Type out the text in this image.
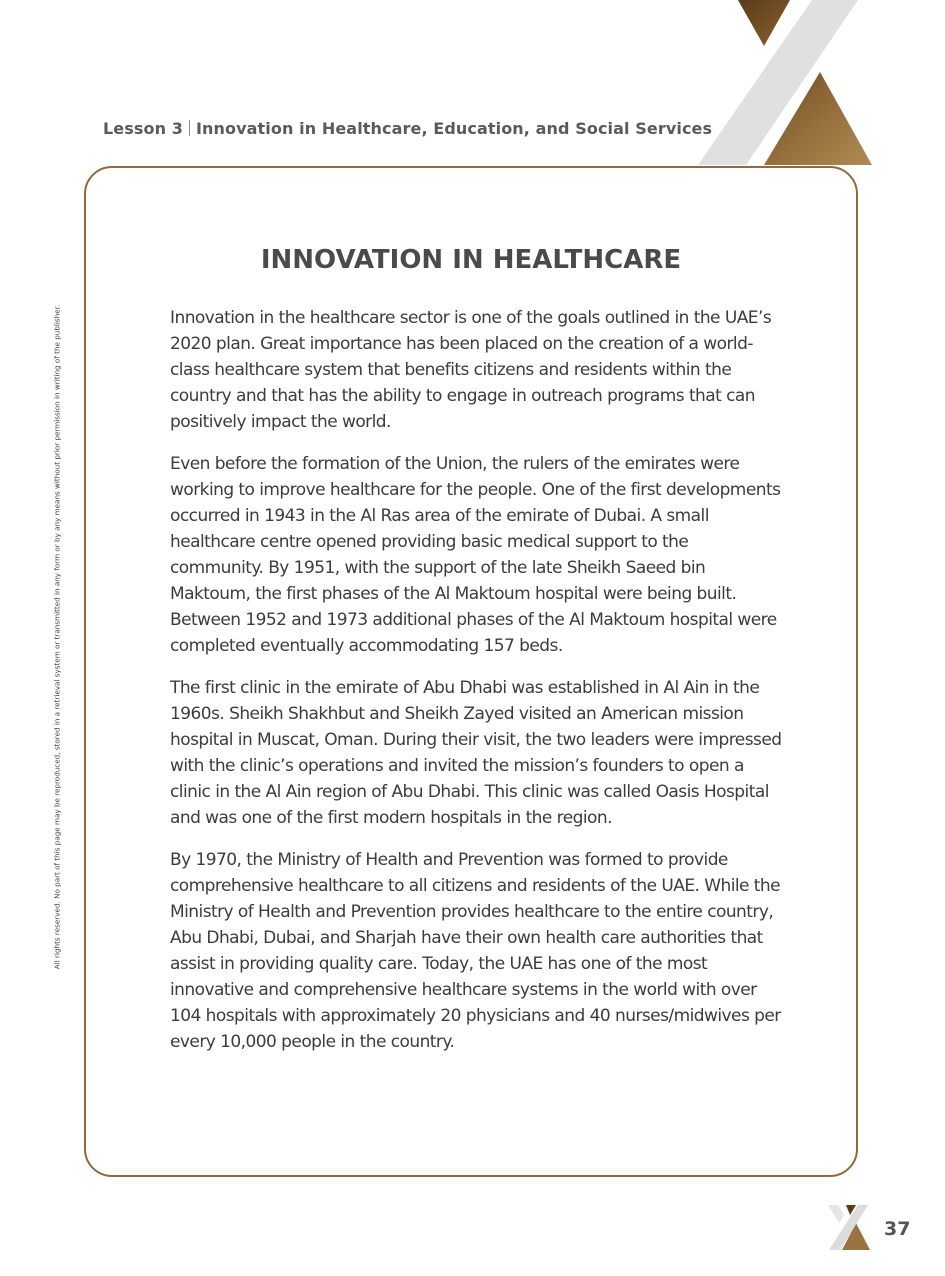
Lesson 3 Innovation in Healthcare, Education, and Social Services
All rights reserved. No part of this page may be reproduced, stored in a retrieval system or transmitted in any form or by any means without prior permission in writing of the publisher.
INNOVATION IN HEALTHCARE

Innovation in the healthcare sector is one of the goals outlined in the UAE’s 2020 plan. Great importance has been placed on the creation of a world-class healthcare system that benefits citizens and residents within the country and that has the ability to engage in outreach programs that can positively impact the world.

Even before the formation of the Union, the rulers of the emirates were working to improve healthcare for the people. One of the first developments occurred in 1943 in the Al Ras area of the emirate of Dubai. A small healthcare centre opened providing basic medical support to the community. By 1951, with the support of the late Sheikh Saeed bin Maktoum, the first phases of the Al Maktoum hospital were being built. Between 1952 and 1973 additional phases of the Al Maktoum hospital were completed eventually accommodating 157 beds.

The first clinic in the emirate of Abu Dhabi was established in Al Ain in the 1960s. Sheikh Shakhbut and Sheikh Zayed visited an American mission hospital in Muscat, Oman. During their visit, the two leaders were impressed with the clinic’s operations and invited the mission’s founders to open a clinic in the Al Ain region of Abu Dhabi. This clinic was called Oasis Hospital and was one of the first modern hospitals in the region.

By 1970, the Ministry of Health and Prevention was formed to provide comprehensive healthcare to all citizens and residents of the UAE. While the Ministry of Health and Prevention provides healthcare to the entire country, Abu Dhabi, Dubai, and Sharjah have their own health care authorities that assist in providing quality care. Today, the UAE has one of the most innovative and comprehensive healthcare systems in the world with over 104 hospitals with approximately 20 physicians and 40 nurses/midwives per every 10,000 people in the country.

37
